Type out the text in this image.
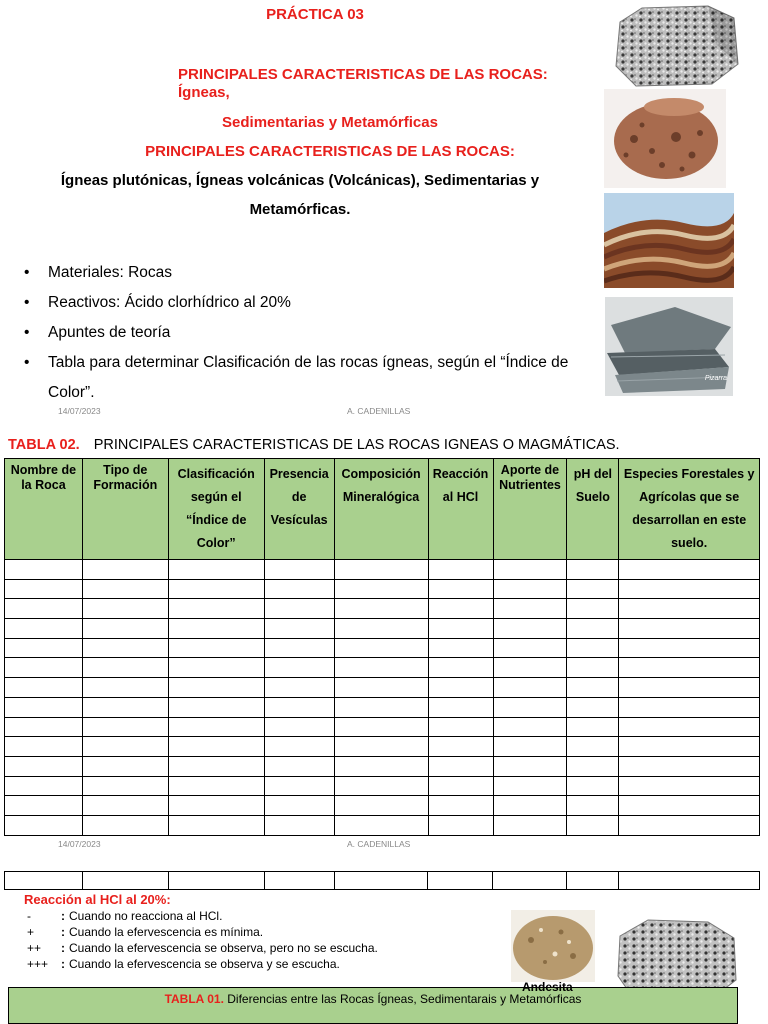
PRÁCTICA 03
PRINCIPALES CARACTERISTICAS DE LAS ROCAS:
Ígneas,
Sedimentarias y Metamórficas
PRINCIPALES CARACTERISTICAS DE LAS ROCAS:
Ígneas plutónicas, Ígneas volcánicas (Volcánicas), Sedimentarias y
Metamórficas.
• Materiales: Rocas
• Reactivos: Ácido clorhídrico al 20%
• Apuntes de teoría
• Tabla para determinar Clasificación de las rocas ígneas, según el “Índice de Color”.
Pizarra
14/07/2023	A. CADENILLAS
TABLA 02. PRINCIPALES CARACTERISTICAS DE LAS ROCAS IGNEAS O MAGMÁTICAS.
Nombre de la Roca	Tipo de Formación	Clasificación según el “Índice de Color”	Presencia de Vesículas	Composición Mineralógica	Reacción al HCl	Aporte de Nutrientes	pH del Suelo	Especies Forestales y Agrícolas que se desarrollan en este suelo.

14/07/2023	A. CADENILLAS

Reacción al HCl al 20%:
-	: Cuando no reacciona al HCl.
+	: Cuando la efervescencia es mínima.
++	: Cuando la efervescencia se observa, pero no se escucha.
+++	: Cuando la efervescencia se observa y se escucha.
TABLA 01. Diferencias entre las Rocas Ígneas, Sedimentarais y Metamórficas
Andesita
